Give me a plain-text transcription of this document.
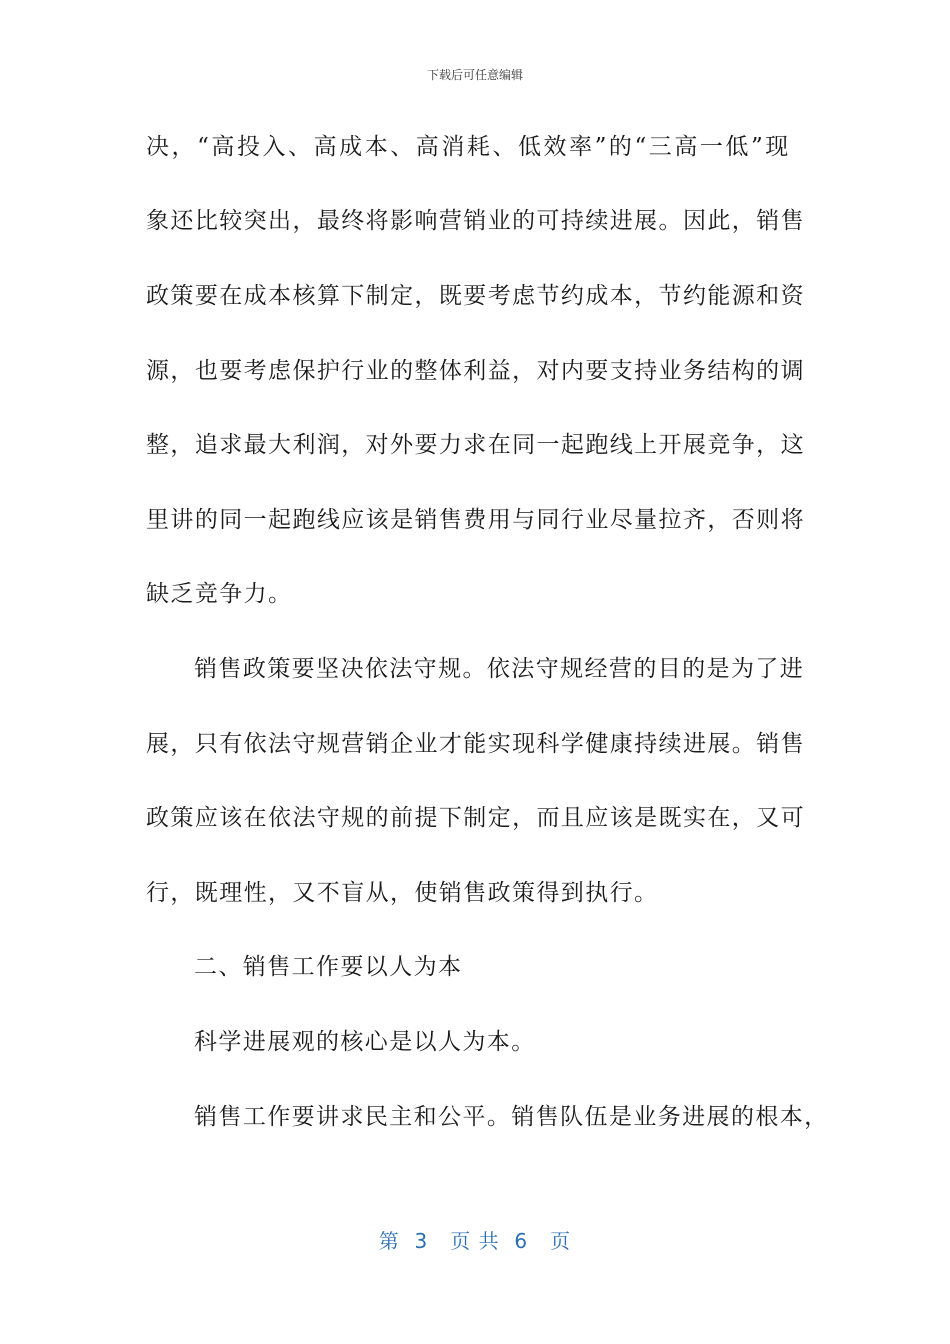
下载后可任意编辑
决 ， “ 高 投 入 、 高 成 本 、 高 消 耗 、 低 效 率 ” 的 “ 三 高 一 低 ” 现
象 还 比 较 突 出 ， 最 终 将 影 响 营 销 业 的 可 持 续 进 展 。 因 此 ， 销 售
政 策 要 在 成 本 核 算 下 制 定 ， 既 要 考 虑 节 约 成 本 ， 节 约 能 源 和 资
源 ， 也 要 考 虑 保 护 行 业 的 整 体 利 益 ， 对 内 要 支 持 业 务 结 构 的 调
整 ， 追 求 最 大 利 润 ， 对 外 要 力 求 在 同 一 起 跑 线 上 开 展 竞 争 ， 这
里 讲 的 同 一 起 跑 线 应 该 是 销 售 费 用 与 同 行 业 尽 量 拉 齐 ， 否 则 将
缺乏竞争力。
销 售 政 策 要 坚 决 依 法 守 规 。 依 法 守 规 经 营 的 目 的 是 为 了 进
展 ， 只 有 依 法 守 规 营 销 企 业 才 能 实 现 科 学 健 康 持 续 进 展 。 销 售
政 策 应 该 在 依 法 守 规 的 前 提 下 制 定 ， 而 且 应 该 是 既 实 在 ， 又 可
行，既理性，又不盲从，使销售政策得到执行。
二、销售工作要以人为本
科学进展观的核心是以人为本。
销 售 工 作 要 讲 求 民 主 和 公 平 。 销 售 队 伍 是 业 务 进 展 的 根 本 ，
第  3   页 共  6   页
